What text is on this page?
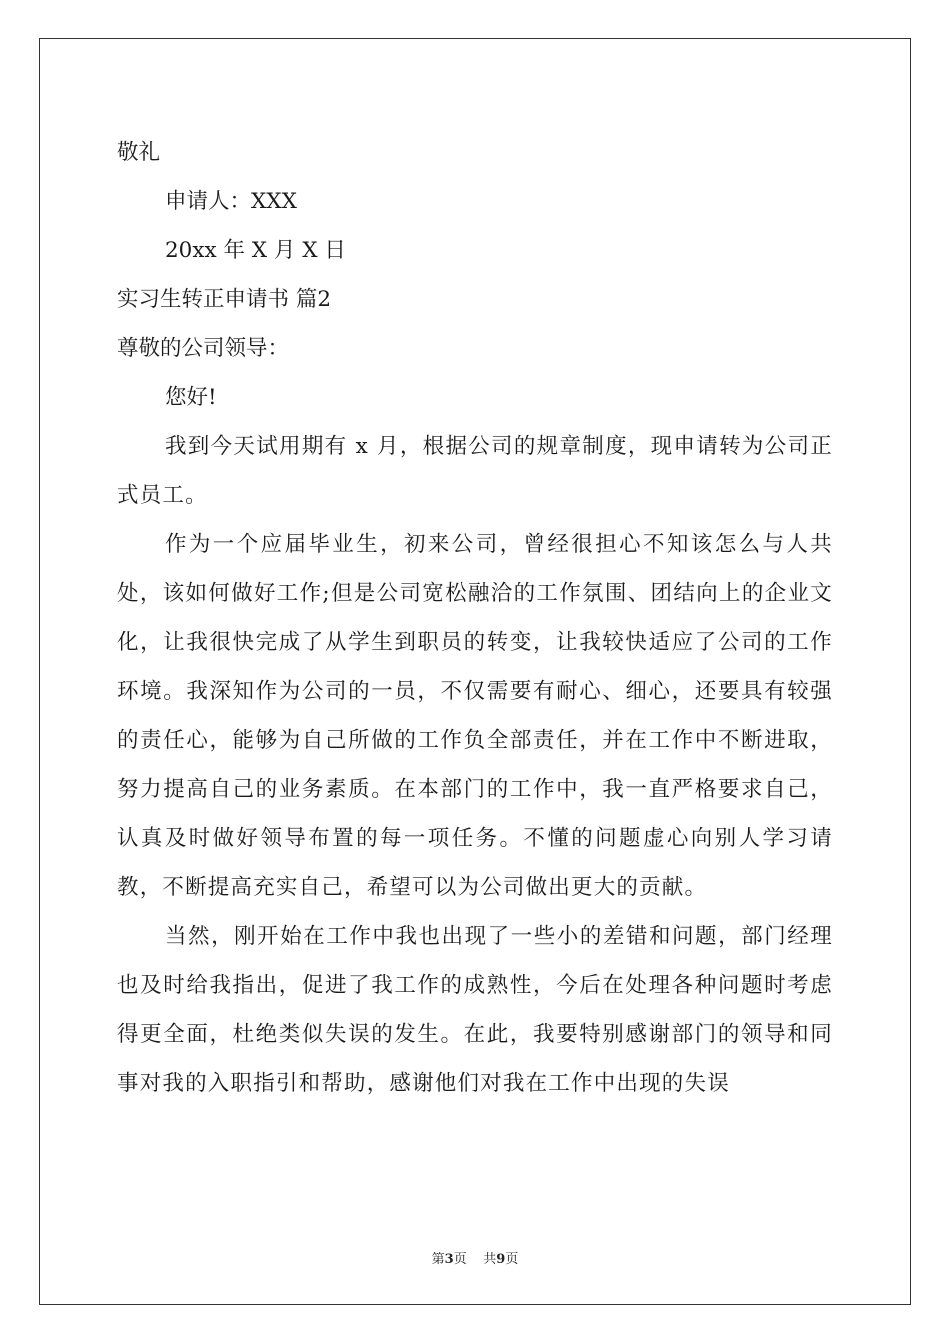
敬礼

申请人：XXX

20xx 年 X 月 X 日

实习生转正申请书 篇2

尊敬的公司领导：

您好!

我到今天试用期有 x 月，根据公司的规章制度，现申请转为公司正式员工。

作为一个应届毕业生，初来公司，曾经很担心不知该怎么与人共处，该如何做好工作;但是公司宽松融洽的工作氛围、团结向上的企业文化，让我很快完成了从学生到职员的转变，让我较快适应了公司的工作环境。我深知作为公司的一员，不仅需要有耐心、细心，还要具有较强的责任心，能够为自己所做的工作负全部责任，并在工作中不断进取，努力提高自己的业务素质。在本部门的工作中，我一直严格要求自己，认真及时做好领导布置的每一项任务。不懂的问题虚心向别人学习请教，不断提高充实自己，希望可以为公司做出更大的贡献。

当然，刚开始在工作中我也出现了一些小的差错和问题，部门经理也及时给我指出，促进了我工作的成熟性，今后在处理各种问题时考虑得更全面，杜绝类似失误的发生。在此，我要特别感谢部门的领导和同事对我的入职指引和帮助，感谢他们对我在工作中出现的失误

第3页 共9页
